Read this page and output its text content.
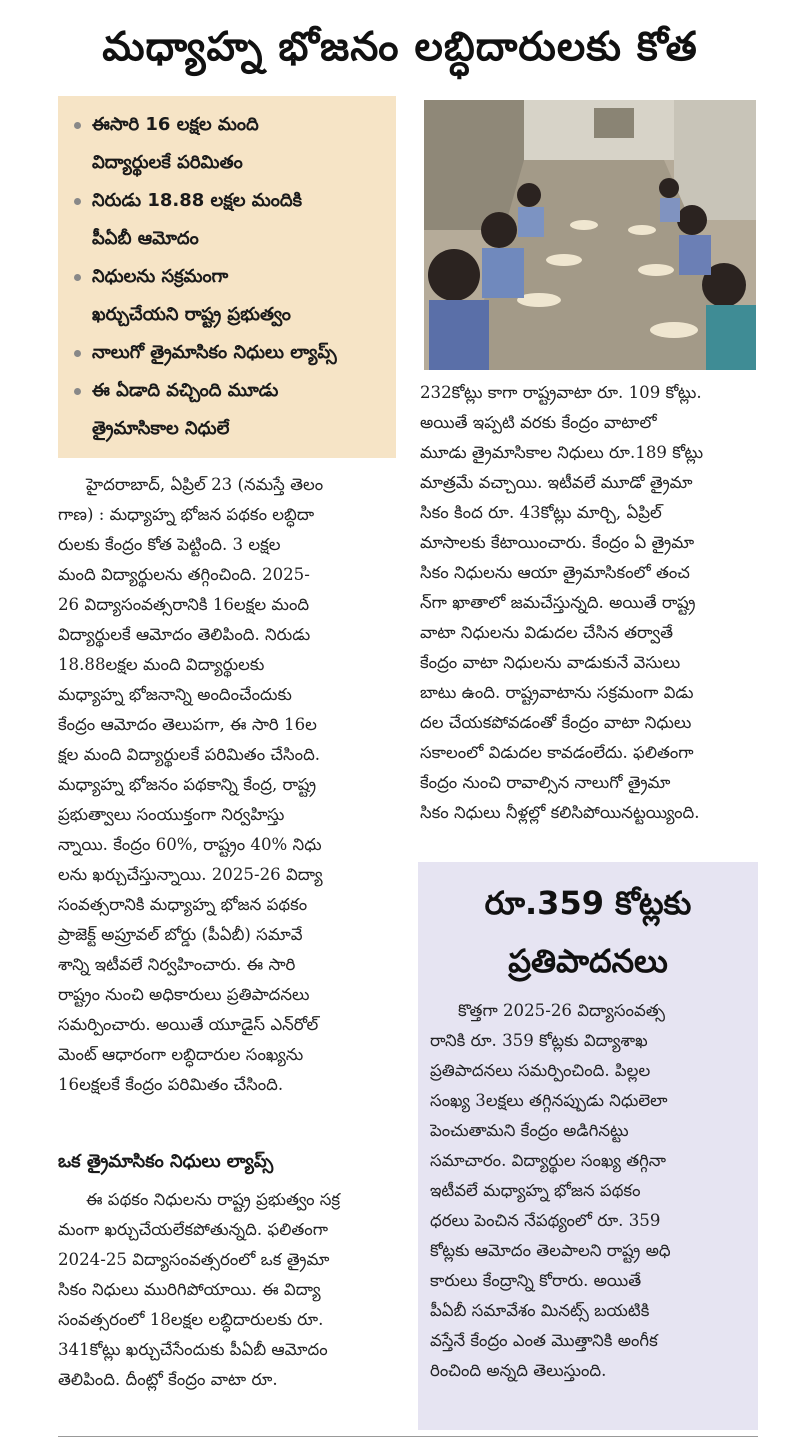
మధ్యాహ్న భోజనం లబ్ధిదారులకు కోత
ఈసారి 16 లక్షల మంది
విద్యార్థులకే పరిమితం
నిరుడు 18.88 లక్షల మందికి
పీఏబీ ఆమోదం
నిధులను సక్రమంగా
ఖర్చుచేయని రాష్ట్ర ప్రభుత్వం
నాలుగో త్రైమాసికం నిధులు ల్యాప్స్
ఈ ఏడాది వచ్చింది మూడు
త్రైమాసికాల నిధులే
హైదరాబాద్, ఏప్రిల్ 23 (నమస్తే తెలం
గాణ) : మధ్యాహ్న భోజన పథకం లబ్ధిదా
రులకు కేంద్రం కోత పెట్టింది. 3 లక్షల
మంది విద్యార్థులను తగ్గించింది. 2025-
26 విద్యాసంవత్సరానికి 16లక్షల మంది
విద్యార్థులకే ఆమోదం తెలిపింది. నిరుడు
18.88లక్షల మంది విద్యార్థులకు
మధ్యాహ్న భోజనాన్ని అందించేందుకు
కేంద్రం ఆమోదం తెలుపగా, ఈ సారి 16ల
క్షల మంది విద్యార్థులకే పరిమితం చేసింది.
మధ్యాహ్న భోజనం పథకాన్ని కేంద్ర, రాష్ట్ర
ప్రభుత్వాలు సంయుక్తంగా నిర్వహిస్తు
న్నాయి. కేంద్రం 60%, రాష్ట్రం 40% నిధు
లను ఖర్చుచేస్తున్నాయి. 2025-26 విద్యా
సంవత్సరానికి మధ్యాహ్న భోజన పథకం
ప్రాజెక్ట్ అప్రూవల్ బోర్డు (పీఏబీ) సమావే
శాన్ని ఇటీవలే నిర్వహించారు. ఈ సారి
రాష్ట్రం నుంచి అధికారులు ప్రతిపాదనలు
సమర్పించారు. అయితే యూడైస్ ఎన్‌రోల్
మెంట్ ఆధారంగా లబ్ధిదారుల సంఖ్యను
16లక్షలకే కేంద్రం పరిమితం చేసింది.
ఒక త్రైమాసికం నిధులు ల్యాప్స్
ఈ పథకం నిధులను రాష్ట్ర ప్రభుత్వం సక్ర
మంగా ఖర్చుచేయలేకపోతున్నది. ఫలితంగా
2024-25 విద్యాసంవత్సరంలో ఒక త్రైమా
సికం నిధులు మురిగిపోయాయి. ఈ విద్యా
సంవత్సరంలో 18లక్షల లబ్ధిదారులకు రూ.
341కోట్లు ఖర్చుచేసేందుకు పీఏబీ ఆమోదం
తెలిపింది. దీంట్లో కేంద్రం వాటా రూ.
232కోట్లు కాగా రాష్ట్రవాటా రూ. 109 కోట్లు.
అయితే ఇప్పటి వరకు కేంద్రం వాటాలో
మూడు త్రైమాసికాల నిధులు రూ.189 కోట్లు
మాత్రమే వచ్చాయి. ఇటీవలే మూడో త్రైమా
సికం కింద రూ. 43కోట్లు మార్చి, ఏప్రిల్
మాసాలకు కేటాయించారు. కేంద్రం ఏ త్రైమా
సికం నిధులను ఆయా త్రైమాసికంలో తంచ
న్‌గా ఖాతాలో జమచేస్తున్నది. అయితే రాష్ట్ర
వాటా నిధులను విడుదల చేసిన తర్వాతే
కేంద్రం వాటా నిధులను వాడుకునే వెసులు
బాటు ఉంది. రాష్ట్రవాటాను సక్రమంగా విడు
దల చేయకపోవడంతో కేంద్రం వాటా నిధులు
సకాలంలో విడుదల కావడంలేదు. ఫలితంగా
కేంద్రం నుంచి రావాల్సిన నాలుగో త్రైమా
సికం నిధులు నీళ్లల్లో కలిసిపోయినట్టయ్యింది.
రూ.359 కోట్లకు
ప్రతిపాదనలు
కొత్తగా 2025-26 విద్యాసంవత్స
రానికి రూ. 359 కోట్లకు విద్యాశాఖ
ప్రతిపాదనలు సమర్పించింది. పిల్లల
సంఖ్య 3లక్షలు తగ్గినప్పుడు నిధులెలా
పెంచుతామని కేంద్రం అడిగినట్టు
సమాచారం. విద్యార్థుల సంఖ్య తగ్గినా
ఇటీవలే మధ్యాహ్న భోజన పథకం
ధరలు పెంచిన నేపథ్యంలో రూ. 359
కోట్లకు ఆమోదం తెలపాలని రాష్ట్ర అధి
కారులు కేంద్రాన్ని కోరారు. అయితే
పీఏబీ సమావేశం మినట్స్ బయటికి
వస్తేనే కేంద్రం ఎంత మొత్తానికి అంగీక
రించింది అన్నది తెలుస్తుంది.
